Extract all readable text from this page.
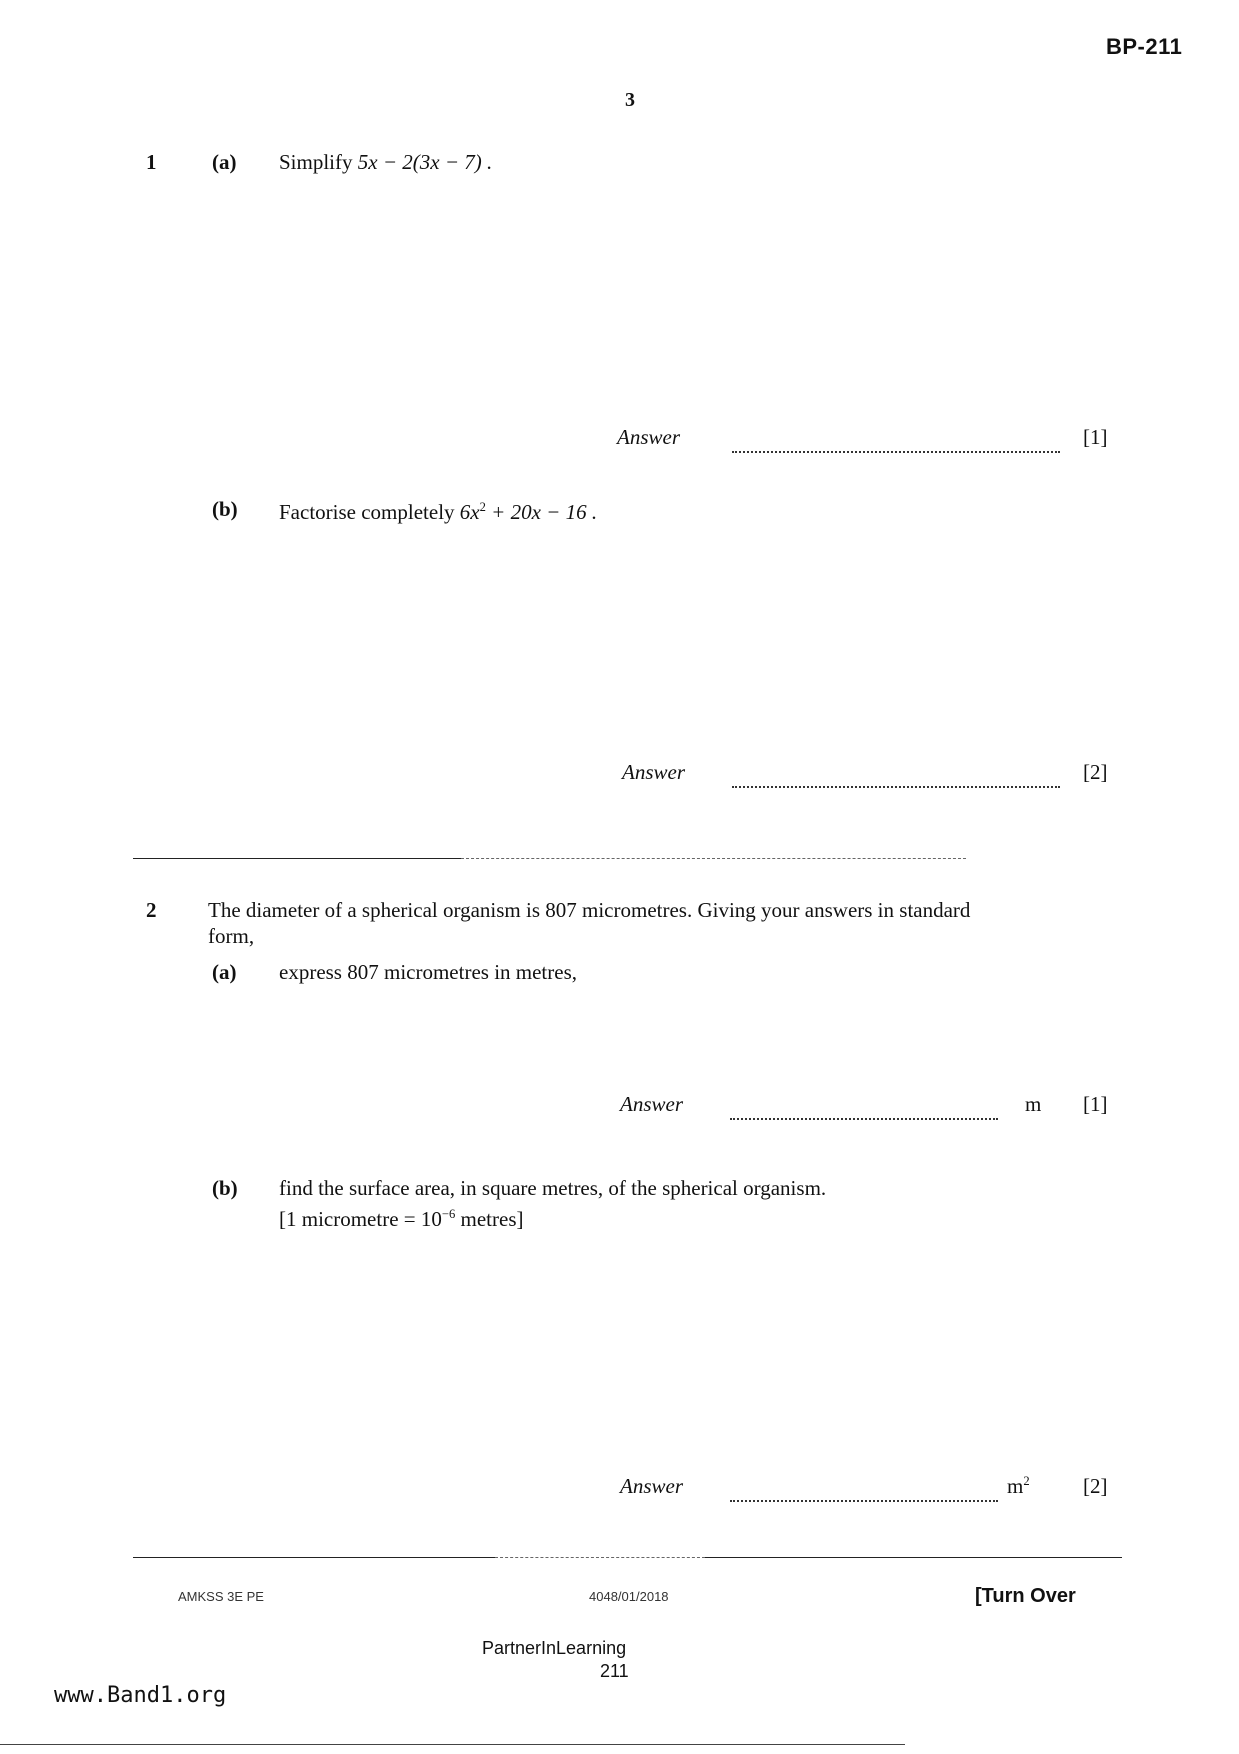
BP-211
3
1	(a) Simplify 5x − 2(3x − 7) .
Answer	[1]
(b) Factorise completely $6x^2 + 20x - 16$ .
Answer	[2]
2 The diameter of a spherical organism is 807 micrometres. Giving your answers in standard
form,
(a) express 807 micrometres in metres,
Answer	m [1]
(b) find the surface area, in square metres, of the spherical organism.
[1 micrometre = $10^{-6}$ metres]
Answer	$m^2$	[2]
AMKSS 3E PE	4048/01/2018	[Turn Over
PartnerInLearning
211
www.Band1.org
